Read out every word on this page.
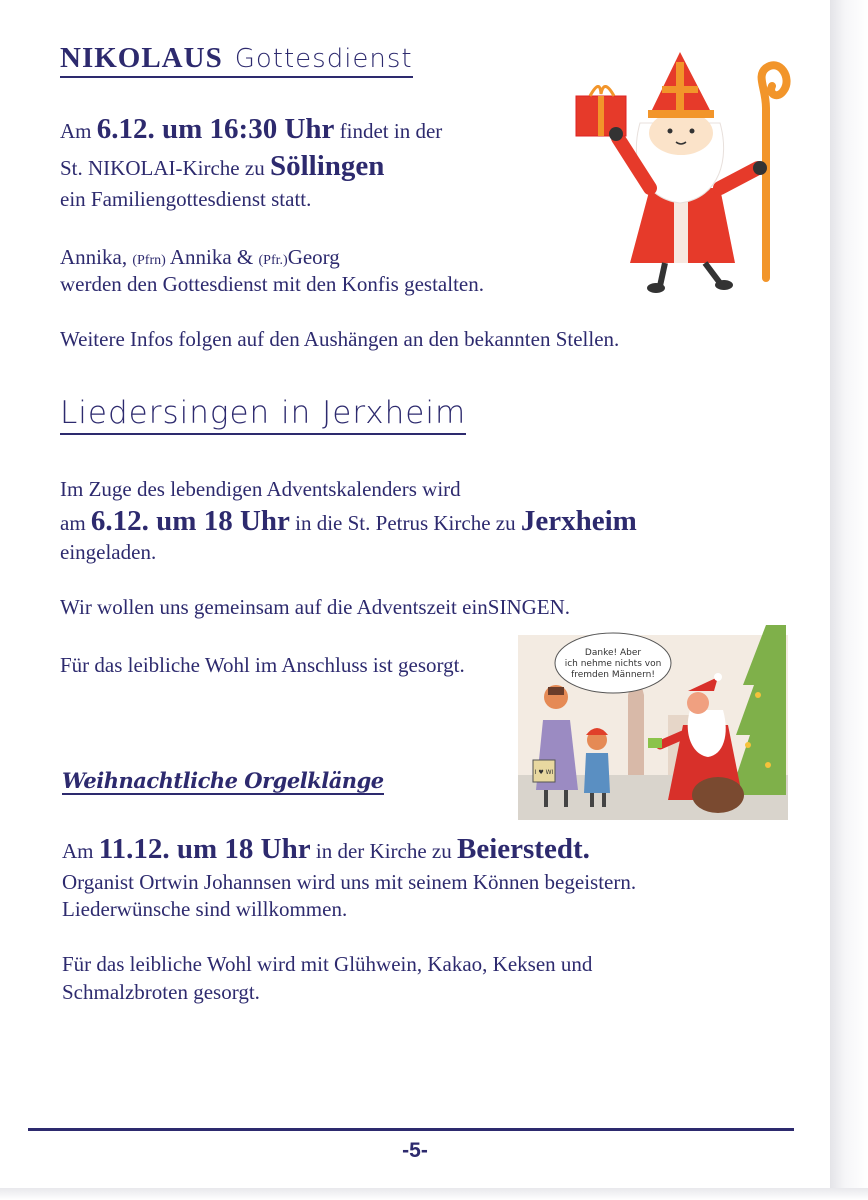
NIKOLAUS Gottesdienst
Am 6.12. um 16:30 Uhr findet in der
St. NIKOLAI-Kirche zu Söllingen
ein Familiengottesdienst statt.
Annika, (Pfrn) Annika & (Pfr.)Georg
werden den Gottesdienst mit den Konfis gestalten.
Weitere Infos folgen auf den Aushängen an den bekannten Stellen.
Liedersingen in Jerxheim
Im Zuge des lebendigen Adventskalenders wird
am 6.12. um 18 Uhr in die St. Petrus Kirche zu Jerxheim
eingeladen.
Wir wollen uns gemeinsam auf die Adventszeit einSINGEN.
Für das leibliche Wohl im Anschluss ist gesorgt.	Danke! Aber
ich nehme nichts von
fremden Männern!
I ♥ WI
Weihnachtliche Orgelklänge
Am 11.12. um 18 Uhr in der Kirche zu Beierstedt.
Organist Ortwin Johannsen wird uns mit seinem Können begeistern.
Liederwünsche sind willkommen.
Für das leibliche Wohl wird mit Glühwein, Kakao, Keksen und
Schmalzbroten gesorgt.
-5-
